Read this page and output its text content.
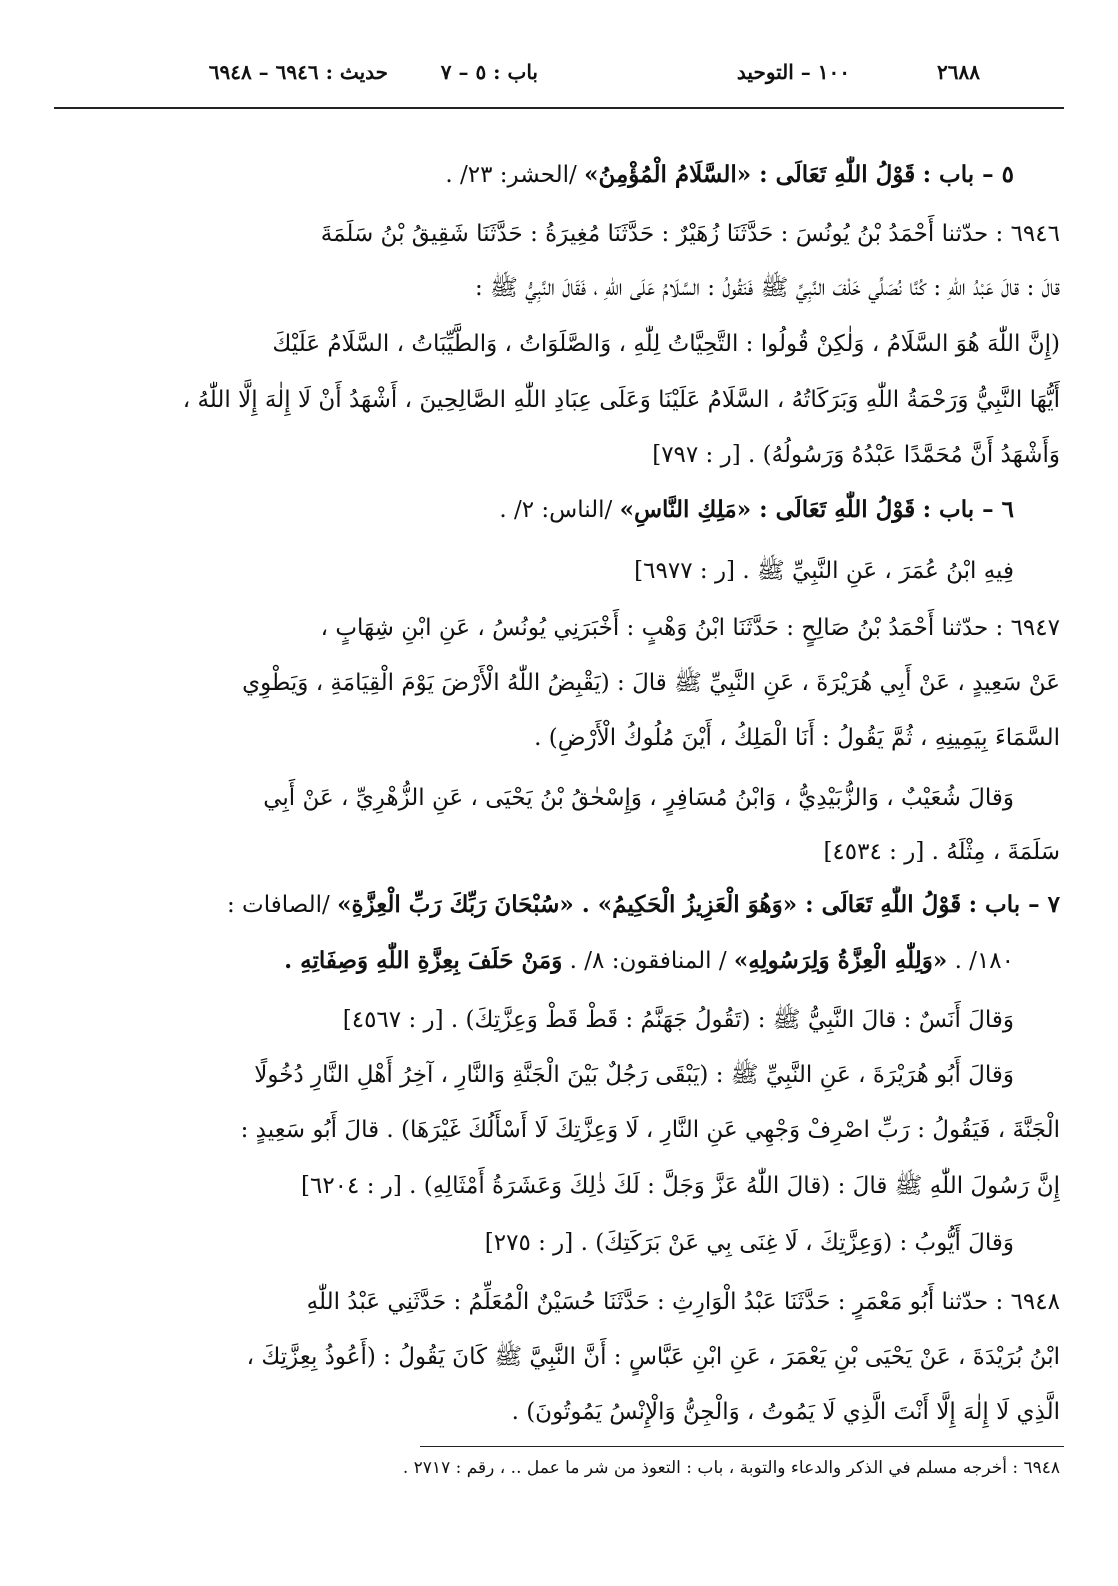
٢٦٨٨
١٠٠ – التوحيد
باب : ٥ – ٧
حديث : ٦٩٤٦ – ٦٩٤٨
٥ – باب : قَوْلُ اللّٰهِ تَعَالَى : «السَّلَامُ الْمُؤْمِنُ» /الحشر: ٢٣/ .
٦٩٤٦ : حدّثنا أَحْمَدُ بْنُ يُونُسَ : حَدَّثَنَا زُهَيْرٌ : حَدَّثَنَا مُغِيرَةُ : حَدَّثَنَا شَقِيقُ بْنُ سَلَمَةَ
قالَ : قالَ عَبْدُ اللّٰهِ : كُنَّا نُصَلِّي خَلْفَ النَّبِيِّ ﷺ فَنَقُولُ : السَّلَامُ عَلَى اللّٰهِ ، فَقَالَ النَّبِيُّ ﷺ :
(إِنَّ اللّٰهَ هُوَ السَّلَامُ ، وَلٰكِنْ قُولُوا : التَّحِيَّاتُ لِلّٰهِ ، وَالصَّلَوَاتُ ، وَالطَّيِّبَاتُ ، السَّلَامُ عَلَيْكَ
أَيُّهَا النَّبِيُّ وَرَحْمَةُ اللّٰهِ وَبَرَكَاتُهُ ، السَّلَامُ عَلَيْنَا وَعَلَى عِبَادِ اللّٰهِ الصَّالِحِينَ ، أَشْهَدُ أَنْ لَا إِلٰهَ إِلَّا اللّٰهُ ،
وَأَشْهَدُ أَنَّ مُحَمَّدًا عَبْدُهُ وَرَسُولُهُ) . [ر : ٧٩٧]
٦ – باب : قَوْلُ اللّٰهِ تَعَالَى : «مَلِكِ النَّاسِ» /الناس: ٢/ .
فِيهِ ابْنُ عُمَرَ ، عَنِ النَّبِيِّ ﷺ . [ر : ٦٩٧٧]
٦٩٤٧ : حدّثنا أَحْمَدُ بْنُ صَالِحٍ : حَدَّثَنَا ابْنُ وَهْبٍ : أَخْبَرَنِي يُونُسُ ، عَنِ ابْنِ شِهَابٍ ،
عَنْ سَعِيدٍ ، عَنْ أَبِي هُرَيْرَةَ ، عَنِ النَّبِيِّ ﷺ قالَ : (يَقْبِضُ اللّٰهُ الْأَرْضَ يَوْمَ الْقِيَامَةِ ، وَيَطْوِي
السَّمَاءَ بِيَمِينِهِ ، ثُمَّ يَقُولُ : أَنَا الْمَلِكُ ، أَيْنَ مُلُوكُ الْأَرْضِ) .
وَقالَ شُعَيْبٌ ، وَالزُّبَيْدِيُّ ، وَابْنُ مُسَافِرٍ ، وَإِسْحٰقُ بْنُ يَحْيَى ، عَنِ الزُّهْرِيِّ ، عَنْ أَبِي
سَلَمَةَ ، مِثْلَهُ . [ر : ٤٥٣٤]
٧ – باب : قَوْلُ اللّٰهِ تَعَالَى : «وَهُوَ الْعَزِيزُ الْحَكِيمُ» . «سُبْحَانَ رَبِّكَ رَبِّ الْعِزَّةِ» /الصافات :
١٨٠/ . «وَلِلّٰهِ الْعِزَّةُ وَلِرَسُولِهِ» / المنافقون: ٨/ . وَمَنْ حَلَفَ بِعِزَّةِ اللّٰهِ وَصِفَاتِهِ .
وَقالَ أَنَسٌ : قالَ النَّبِيُّ ﷺ : (تَقُولُ جَهَنَّمُ : قَطْ قَطْ وَعِزَّتِكَ) . [ر : ٤٥٦٧]
وَقالَ أَبُو هُرَيْرَةَ ، عَنِ النَّبِيِّ ﷺ : (يَبْقَى رَجُلٌ بَيْنَ الْجَنَّةِ وَالنَّارِ ، آخِرُ أَهْلِ النَّارِ دُخُولًا
الْجَنَّةَ ، فَيَقُولُ : رَبِّ اصْرِفْ وَجْهِي عَنِ النَّارِ ، لَا وَعِزَّتِكَ لَا أَسْأَلُكَ غَيْرَهَا) . قالَ أَبُو سَعِيدٍ :
إِنَّ رَسُولَ اللّٰهِ ﷺ قالَ : (قالَ اللّٰهُ عَزَّ وَجَلَّ : لَكَ ذٰلِكَ وَعَشَرَةُ أَمْثَالِهِ) . [ر : ٦٢٠٤]
وَقالَ أَيُّوبُ : (وَعِزَّتِكَ ، لَا غِنَى بِي عَنْ بَرَكَتِكَ) . [ر : ٢٧٥]
٦٩٤٨ : حدّثنا أَبُو مَعْمَرٍ : حَدَّثَنَا عَبْدُ الْوَارِثِ : حَدَّثَنَا حُسَيْنٌ الْمُعَلِّمُ : حَدَّثَنِي عَبْدُ اللّٰهِ
ابْنُ بُرَيْدَةَ ، عَنْ يَحْيَى بْنِ يَعْمَرَ ، عَنِ ابْنِ عَبَّاسٍ : أَنَّ النَّبِيَّ ﷺ كَانَ يَقُولُ : (أَعُوذُ بِعِزَّتِكَ ،
الَّذِي لَا إِلٰهَ إِلَّا أَنْتَ الَّذِي لَا يَمُوتُ ، وَالْجِنُّ وَالْإِنْسُ يَمُوتُونَ) .
٦٩٤٨ : أخرجه مسلم في الذكر والدعاء والتوبة ، باب : التعوذ من شر ما عمل .. ، رقم : ٢٧١٧ .
